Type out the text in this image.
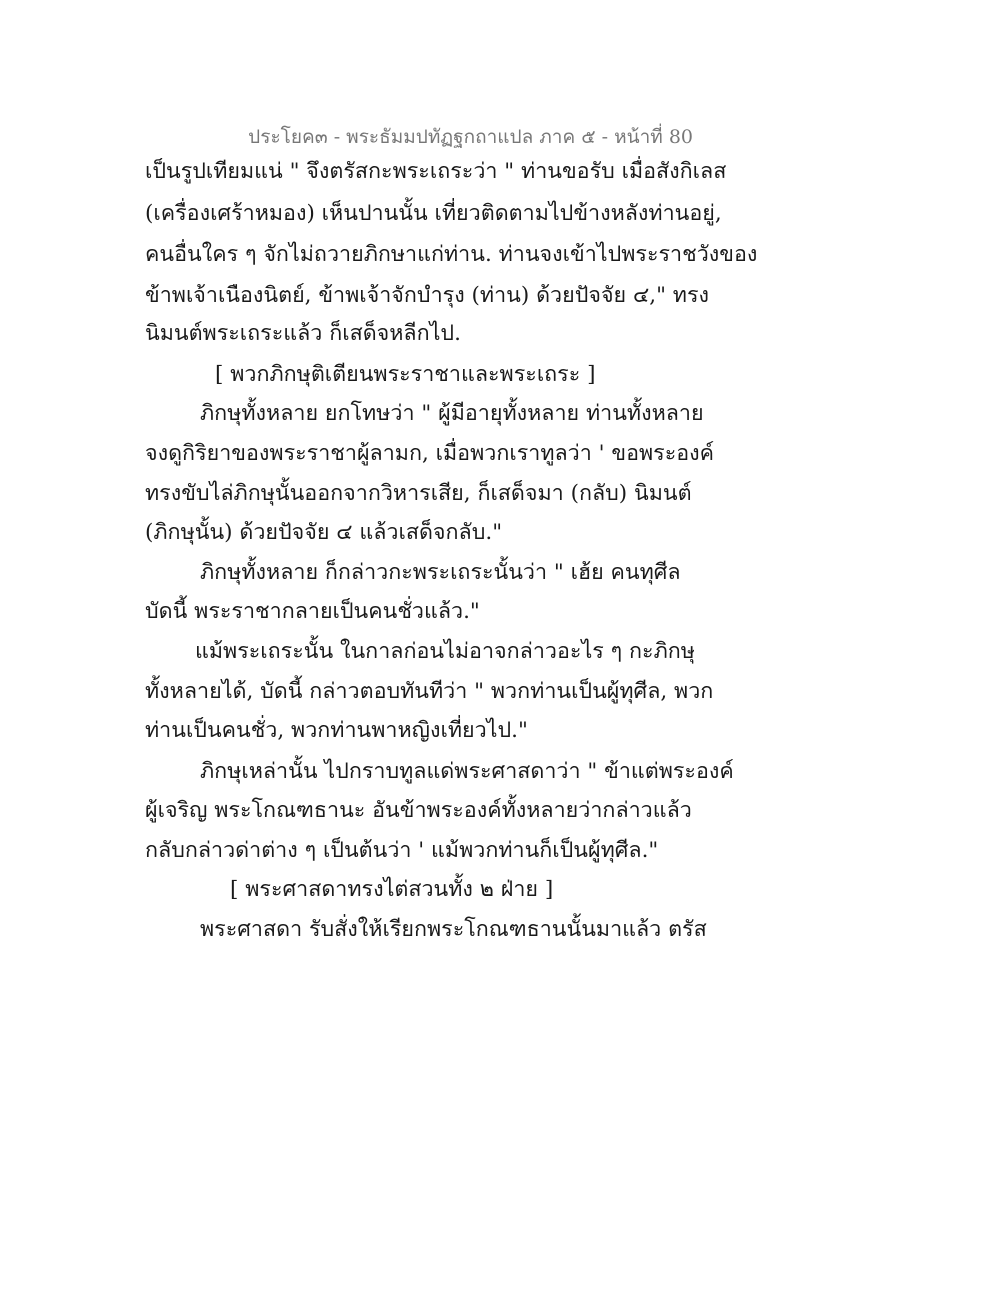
ประโยค๓ - พระธัมมปทัฏฐกถาแปล ภาค ๕ - หน้าที่ 80
เป็นรูปเทียมแน่ " จึงตรัสกะพระเถระว่า " ท่านขอรับ เมื่อสังกิเลส
(เครื่องเศร้าหมอง) เห็นปานนั้น เที่ยวติดตามไปข้างหลังท่านอยู่,
คนอื่นใคร ๆ จักไม่ถวายภิกษาแก่ท่าน. ท่านจงเข้าไปพระราชวังของ
ข้าพเจ้าเนืองนิตย์, ข้าพเจ้าจักบำรุง (ท่าน) ด้วยปัจจัย ๔," ทรง
นิมนต์พระเถระแล้ว ก็เสด็จหลีกไป.
[ พวกภิกษุติเตียนพระราชาและพระเถระ ]
ภิกษุทั้งหลาย ยกโทษว่า " ผู้มีอายุทั้งหลาย ท่านทั้งหลาย
จงดูกิริยาของพระราชาผู้ลามก, เมื่อพวกเราทูลว่า ' ขอพระองค์
ทรงขับไล่ภิกษุนั้นออกจากวิหารเสีย, ก็เสด็จมา (กลับ) นิมนต์
(ภิกษุนั้น) ด้วยปัจจัย ๔ แล้วเสด็จกลับ."
ภิกษุทั้งหลาย ก็กล่าวกะพระเถระนั้นว่า " เฮ้ย คนทุศีล
บัดนี้ พระราชากลายเป็นคนชั่วแล้ว."
แม้พระเถระนั้น ในกาลก่อนไม่อาจกล่าวอะไร ๆ กะภิกษุ
ทั้งหลายได้, บัดนี้ กล่าวตอบทันทีว่า " พวกท่านเป็นผู้ทุศีล, พวก
ท่านเป็นคนชั่ว, พวกท่านพาหญิงเที่ยวไป."
ภิกษุเหล่านั้น ไปกราบทูลแด่พระศาสดาว่า " ข้าแต่พระองค์
ผู้เจริญ พระโกณฑธานะ อันข้าพระองค์ทั้งหลายว่ากล่าวแล้ว
กลับกล่าวด่าต่าง ๆ เป็นต้นว่า ' แม้พวกท่านก็เป็นผู้ทุศีล."
[ พระศาสดาทรงไต่สวนทั้ง ๒ ฝ่าย ]
พระศาสดา รับสั่งให้เรียกพระโกณฑธานนั้นมาแล้ว ตรัส
